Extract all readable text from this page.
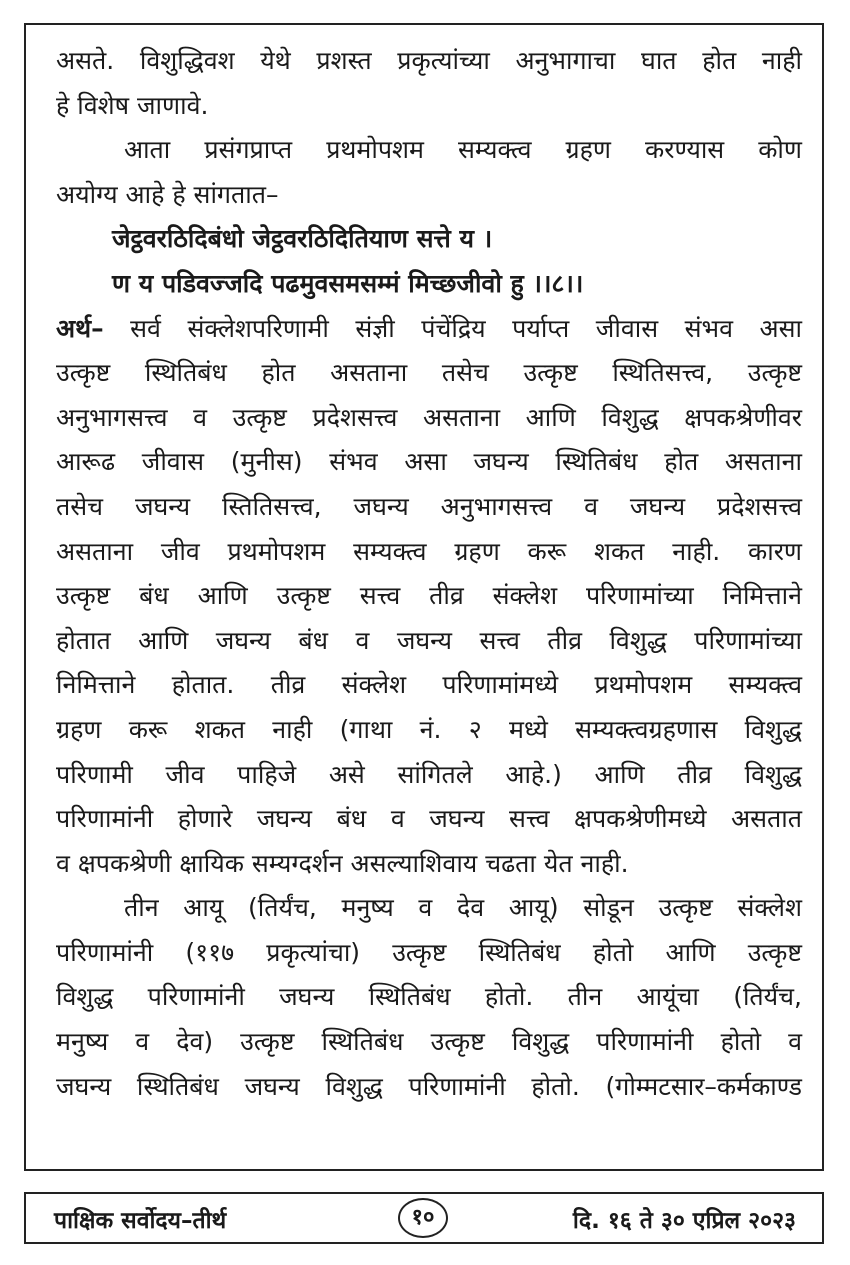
असते. विशुद्धिवश येथे प्रशस्त प्रकृत्यांच्या अनुभागाचा घात होत नाही
हे विशेष जाणावे.
आता प्रसंगप्राप्त प्रथमोपशम सम्यक्त्व ग्रहण करण्यास कोण
अयोग्य आहे हे सांगतात–
जेट्ठवरठिदिबंधो जेट्ठवरठिदितियाण सत्ते य ।
ण य पडिवज्जदि पढमुवसमसम्मं मिच्छजीवो हु ।।८।।
अर्थ– सर्व संक्लेशपरिणामी संज्ञी पंचेंद्रिय पर्याप्त जीवास संभव असा
उत्कृष्ट स्थितिबंध होत असताना तसेच उत्कृष्ट स्थितिसत्त्व, उत्कृष्ट
अनुभागसत्त्व व उत्कृष्ट प्रदेशसत्त्व असताना आणि विशुद्ध क्षपकश्रेणीवर
आरूढ जीवास (मुनीस) संभव असा जघन्य स्थितिबंध होत असताना
तसेच जघन्य स्तितिसत्त्व, जघन्य अनुभागसत्त्व व जघन्य प्रदेशसत्त्व
असताना जीव प्रथमोपशम सम्यक्त्व ग्रहण करू शकत नाही. कारण
उत्कृष्ट बंध आणि उत्कृष्ट सत्त्व तीव्र संक्लेश परिणामांच्या निमित्ताने
होतात आणि जघन्य बंध व जघन्य सत्त्व तीव्र विशुद्ध परिणामांच्या
निमित्ताने होतात. तीव्र संक्लेश परिणामांमध्ये प्रथमोपशम सम्यक्त्व
ग्रहण करू शकत नाही (गाथा नं. २ मध्ये सम्यक्त्वग्रहणास विशुद्ध
परिणामी जीव पाहिजे असे सांगितले आहे.) आणि तीव्र विशुद्ध
परिणामांनी होणारे जघन्य बंध व जघन्य सत्त्व क्षपकश्रेणीमध्ये असतात
व क्षपकश्रेणी क्षायिक सम्यग्दर्शन असल्याशिवाय चढता येत नाही.
तीन आयू (तिर्यंच, मनुष्य व देव आयू) सोडून उत्कृष्ट संक्लेश
परिणामांनी (११७ प्रकृत्यांचा) उत्कृष्ट स्थितिबंध होतो आणि उत्कृष्ट
विशुद्ध परिणामांनी जघन्य स्थितिबंध होतो. तीन आयूंचा (तिर्यंच,
मनुष्य व देव) उत्कृष्ट स्थितिबंध उत्कृष्ट विशुद्ध परिणामांनी होतो व
जघन्य स्थितिबंध जघन्य विशुद्ध परिणामांनी होतो. (गोम्मटसार–कर्मकाण्ड
पाक्षिक सर्वोदय–तीर्थ	१०	दि. १६ ते ३० एप्रिल २०२३
